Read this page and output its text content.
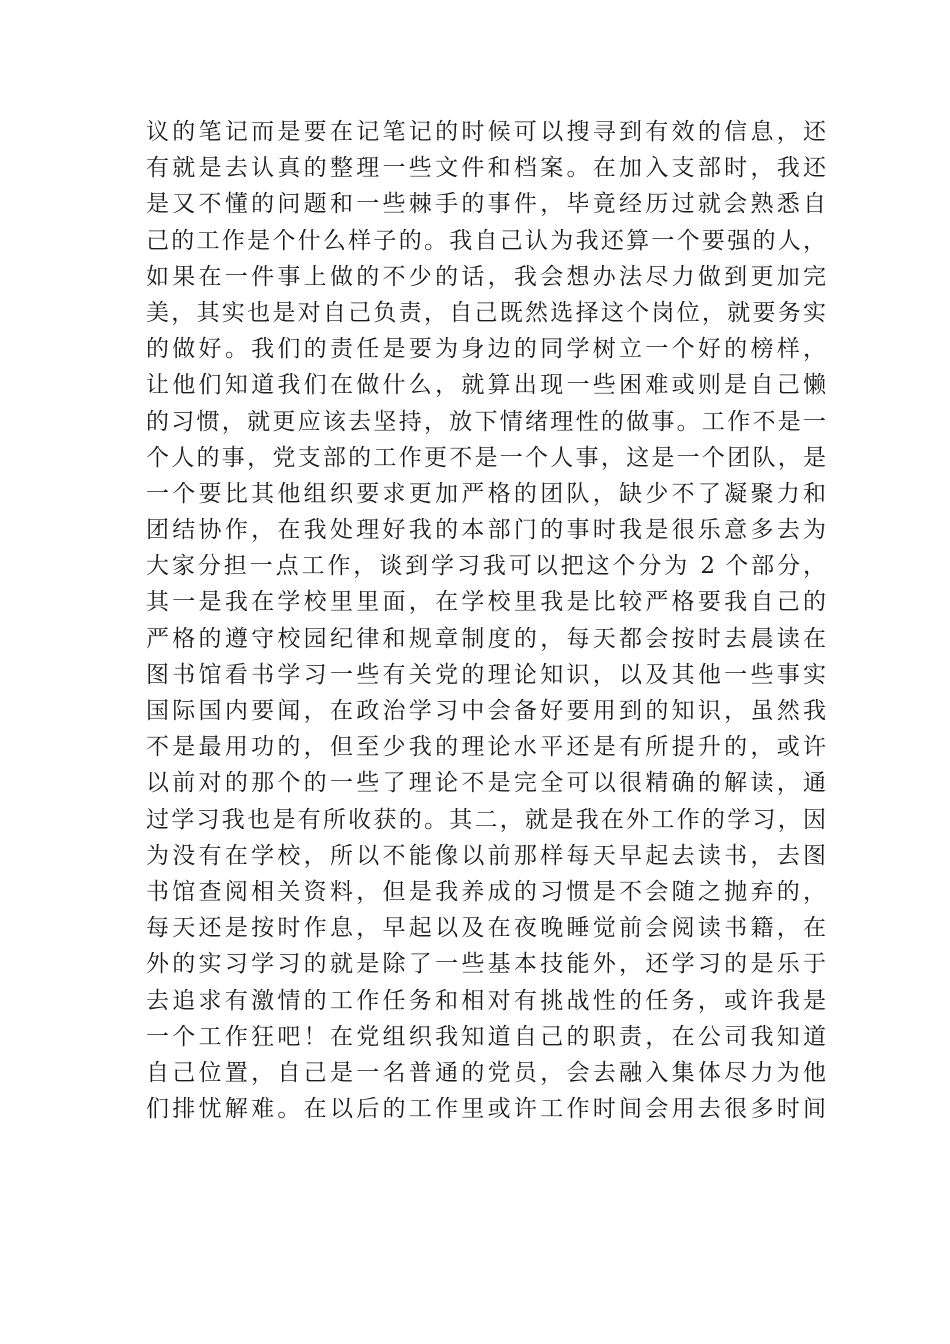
议的笔记而是要在记笔记的时候可以搜寻到有效的信息，还
有就是去认真的整理一些文件和档案。在加入支部时，我还
是又不懂的问题和一些棘手的事件，毕竟经历过就会熟悉自
己的工作是个什么样子的。我自己认为我还算一个要强的人，
如果在一件事上做的不少的话，我会想办法尽力做到更加完
美，其实也是对自己负责，自己既然选择这个岗位，就要务实
的做好。我们的责任是要为身边的同学树立一个好的榜样，
让他们知道我们在做什么，就算出现一些困难或则是自己懒
的习惯，就更应该去坚持，放下情绪理性的做事。工作不是一
个人的事，党支部的工作更不是一个人事，这是一个团队，是
一个要比其他组织要求更加严格的团队，缺少不了凝聚力和
团结协作，在我处理好我的本部门的事时我是很乐意多去为
大家分担一点工作，谈到学习我可以把这个分为 2 个部分，
其一是我在学校里里面，在学校里我是比较严格要我自己的
严格的遵守校园纪律和规章制度的，每天都会按时去晨读在
图书馆看书学习一些有关党的理论知识，以及其他一些事实
国际国内要闻，在政治学习中会备好要用到的知识，虽然我
不是最用功的，但至少我的理论水平还是有所提升的，或许
以前对的那个的一些了理论不是完全可以很精确的解读，通
过学习我也是有所收获的。其二，就是我在外工作的学习，因
为没有在学校，所以不能像以前那样每天早起去读书，去图
书馆查阅相关资料，但是我养成的习惯是不会随之抛弃的，
每天还是按时作息，早起以及在夜晚睡觉前会阅读书籍，在
外的实习学习的就是除了一些基本技能外，还学习的是乐于
去追求有激情的工作任务和相对有挑战性的任务，或许我是
一个工作狂吧！在党组织我知道自己的职责，在公司我知道
自己位置，自己是一名普通的党员，会去融入集体尽力为他
们排忧解难。在以后的工作里或许工作时间会用去很多时间
